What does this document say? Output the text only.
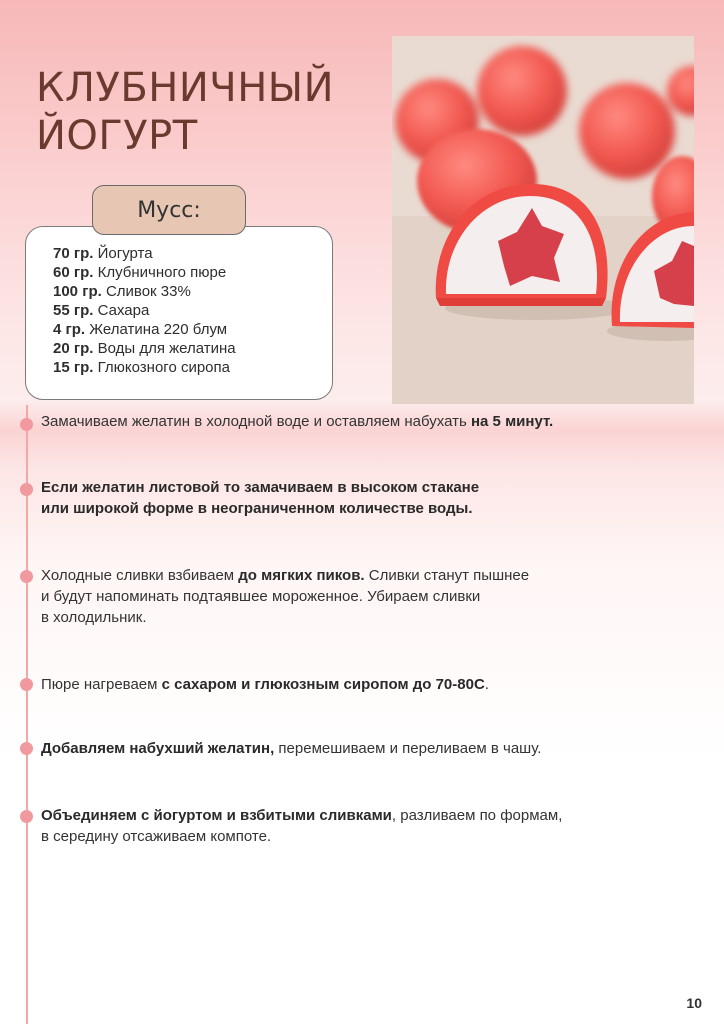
КЛУБНИЧНЫЙ
ЙОГУРТ
Мусс:
70 гр. Йогурта
60 гр. Клубничного пюре
100 гр. Сливок 33%
55 гр. Сахара
4 гр. Желатина 220 блум
20 гр. Воды для желатина
15 гр. Глюкозного сиропа
Замачиваем желатин в холодной воде и оставляем набухать на 5 минут.
Если желатин листовой то замачиваем в высоком стакане
или широкой форме в неограниченном количестве воды.
Холодные сливки взбиваем до мягких пиков. Сливки станут пышнее
и будут напоминать подтаявшее мороженное. Убираем сливки
в холодильник.
Пюре нагреваем с сахаром и глюкозным сиропом до 70-80С.
Добавляем набухший желатин, перемешиваем и переливаем в чашу.
Объединяем с йогуртом и взбитыми сливками, разливаем по формам,
в середину отсаживаем компоте.
10
